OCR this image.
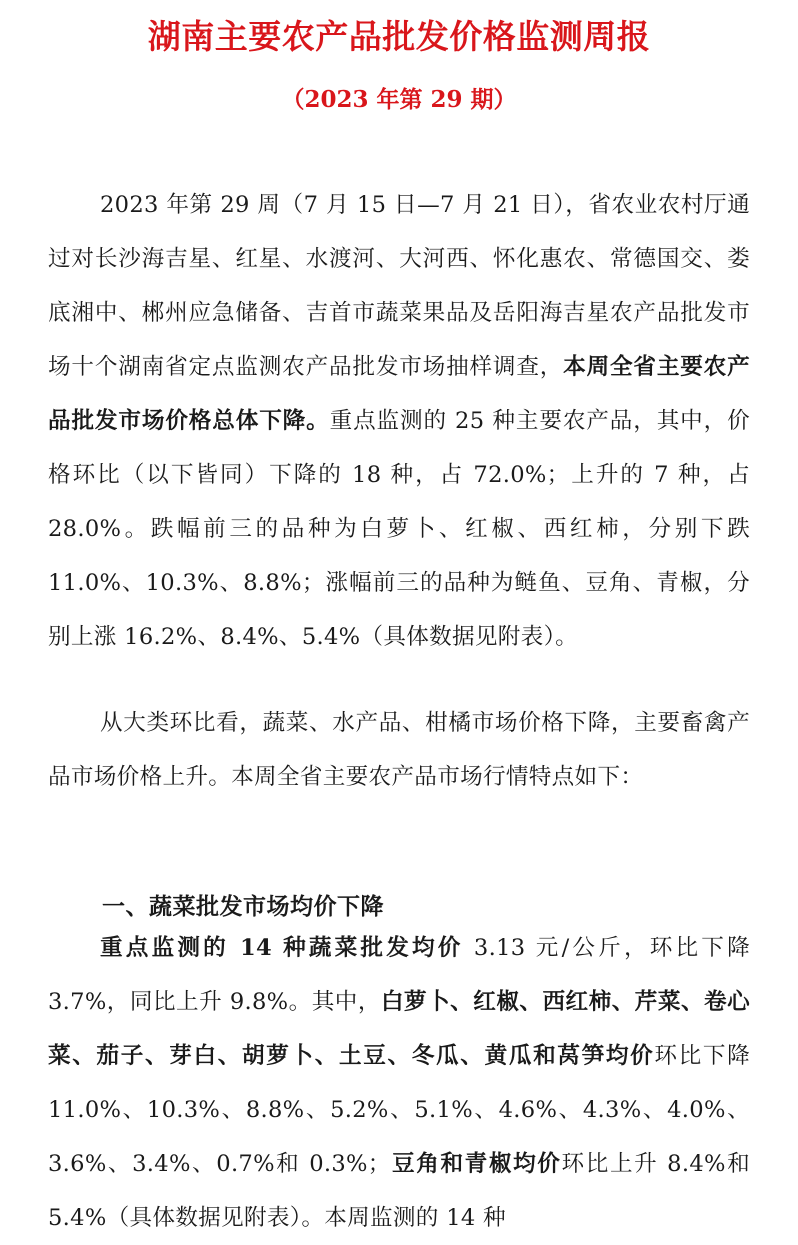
湖南主要农产品批发价格监测周报
（2023 年第 29 期）

2023 年第 29 周（7 月 15 日—7 月 21 日），省农业农村厅通过对长沙海吉星、红星、水渡河、大河西、怀化惠农、常德国交、娄底湘中、郴州应急储备、吉首市蔬菜果品及岳阳海吉星农产品批发市场十个湖南省定点监测农产品批发市场抽样调查，本周全省主要农产品批发市场价格总体下降。重点监测的 25 种主要农产品，其中，价格环比（以下皆同）下降的 18 种，占 72.0%；上升的 7 种，占 28.0%。跌幅前三的品种为白萝卜、红椒、西红柿，分别下跌 11.0%、10.3%、8.8%；涨幅前三的品种为鲢鱼、豆角、青椒，分别上涨 16.2%、8.4%、5.4%（具体数据见附表）。

从大类环比看，蔬菜、水产品、柑橘市场价格下降，主要畜禽产品市场价格上升。本周全省主要农产品市场行情特点如下：

一、蔬菜批发市场均价下降

重点监测的 14 种蔬菜批发均价 3.13 元/公斤，环比下降 3.7%，同比上升 9.8%。其中，白萝卜、红椒、西红柿、芹菜、卷心菜、茄子、芽白、胡萝卜、土豆、冬瓜、黄瓜和莴笋均价环比下降 11.0%、10.3%、8.8%、5.2%、5.1%、4.6%、4.3%、4.0%、3.6%、3.4%、0.7%和 0.3%；豆角和青椒均价环比上升 8.4%和 5.4%（具体数据见附表）。本周监测的 14 种
